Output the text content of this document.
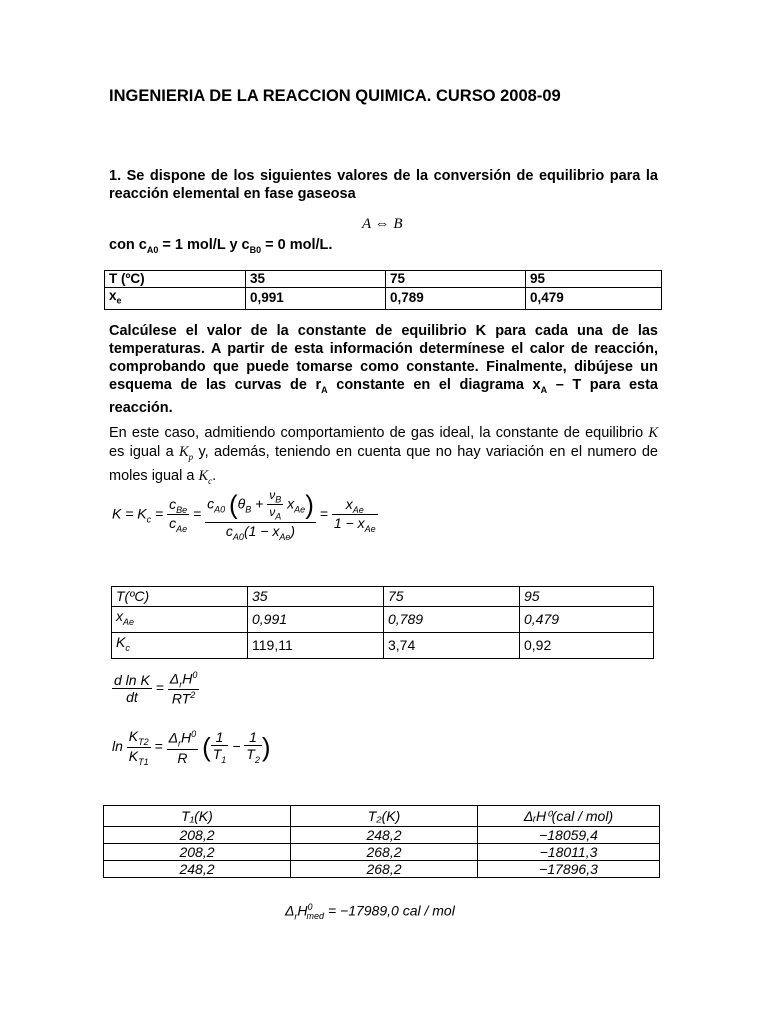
INGENIERIA DE LA REACCION QUIMICA. CURSO 2008-09
1. Se dispone de los siguientes valores de la conversión de equilibrio para la reacción elemental en fase gaseosa
A ⇔ B
con $c_{A0} = 1$ mol/L y $c_{B0} = 0$ mol/L.
T (ºC)	35	75	95
$x_e$	0,991	0,789	0,479
Calcúlese el valor de la constante de equilibrio K para cada una de las temperaturas. A partir de esta información determínese el calor de reacción, comprobando que puede tomarse como constante. Finalmente, dibújese un esquema de las curvas de $r_A$ constante en el diagrama $x_A$ – T para esta reacción.
En este caso, admitiendo comportamiento de gas ideal, la constante de equilibrio K es igual a $K_p$ y, además, teniendo en cuenta que no hay variación en el numero de moles igual a $K_c$.
$K = K_c = \frac{c_{Be}}{c_{Ae}} = \frac{c_{A0} (\theta_B + \frac{\nu_B}{\nu_A} x_{Ae})}{c_{A0}(1 - x_{Ae})} = \frac{x_{Ae}}{1 - x_{Ae}}$
T(ºC)	35	75	95
$x_{Ae}$	0,991	0,789	0,479
$K_c$	119,11	3,74	0,92
$\frac{\text{d ln K}}{dt} = \frac{\Delta_rH^0}{RT^2}$
$\ln \frac{K_{T2}}{K_{T1}} = \frac{\Delta_rH^0}{R}$ ( $\frac{1}{T_1} - \frac{1}{T_2}$ )
T₁(K)	T₂(K)	ΔᵣH⁰(cal / mol)
208,2	248,2	−18059,4
208,2	268,2	−18011,3
248,2	268,2	−17896,3
$\Delta_rH^0_{med} = -17989,0$ cal / mol
